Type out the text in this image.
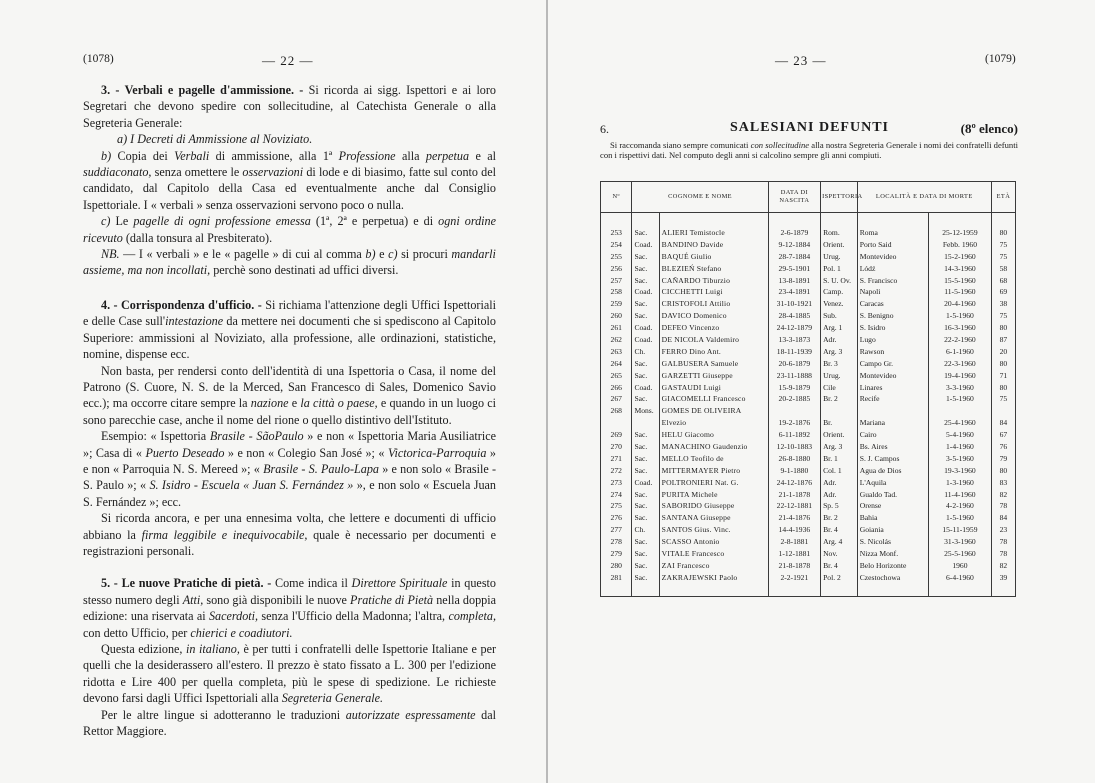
(1078)	— 22 —

3. - Verbali e pagelle d'ammissione. - Si ricorda ai sigg. Ispettori e ai loro Segretari che devono spedire con sollecitudine, al Catechista Generale o alla Segreteria Generale:

a) I Decreti di Ammissione al Noviziato.

b) Copia dei Verbali di ammissione, alla 1ª Professione alla perpetua e al suddiaconato, senza omettere le osservazioni di lode e di biasimo, fatte sul conto del candidato, dal Capitolo della Casa ed eventualmente anche dal Consiglio Ispettoriale. I « verbali » senza osservazioni servono poco o nulla.

c) Le pagelle di ogni professione emessa (1ª, 2ª e perpetua) e di ogni ordine ricevuto (dalla tonsura al Presbiterato).

NB. — I « verbali » e le « pagelle » di cui al comma b) e c) si procuri mandarli assieme, ma non incollati, perchè sono destinati ad uffici diversi.

4. - Corrispondenza d'ufficio. - Si richiama l'attenzione degli Uffici Ispettoriali e delle Case sull'intestazione da mettere nei documenti che si spediscono al Capitolo Superiore: ammissioni al Noviziato, alla professione, alle ordinazioni, statistiche, nomine, dispense ecc.

Non basta, per rendersi conto dell'identità di una Ispettoria o Casa, il nome del Patrono (S. Cuore, N. S. de la Merced, San Francesco di Sales, Domenico Savio ecc.); ma occorre citare sempre la nazione e la città o paese, e quando in un luogo ci sono parecchie case, anche il nome del rione o quello distintivo dell'Istituto.

Esempio: « Ispettoria Brasile - SãoPaulo » e non « Ispettoria Maria Ausiliatrice »; Casa di « Puerto Deseado » e non « Colegio San José »; « Victorica-Parroquia » e non « Parroquia N. S. Mereed »; « Brasile - S. Paulo-Lapa » e non solo « Brasile - S. Paulo »; « S. Isidro - Escuela « Juan S. Fernández » », e non solo « Escuela Juan S. Fernández »; ecc.

Si ricorda ancora, e per una ennesima volta, che lettere e documenti di ufficio abbiano la firma leggibile e inequivocabile, quale è necessario per documenti e registrazioni personali.

5. - Le nuove Pratiche di pietà. - Come indica il Direttore Spirituale in questo stesso numero degli Atti, sono già disponibili le nuove Pratiche di Pietà nella doppia edizione: una riservata ai Sacerdoti, senza l'Ufficio della Madonna; l'altra, completa, con detto Ufficio, per chierici e coadiutori.

Questa edizione, in italiano, è per tutti i confratelli delle Ispettorie Italiane e per quelli che la desiderassero all'estero. Il prezzo è stato fissato a L. 300 per l'edizione ridotta e Lire 400 per quella completa, più le spese di spedizione. Le richieste devono farsi dagli Uffici Ispettoriali alla Segreteria Generale.

Per le altre lingue si adotteranno le traduzioni autorizzate espressamente dal Rettor Maggiore.

— 23 —	(1079)
6.	SALESIANI DEFUNTI	(8º elenco)
Si raccomanda siano sempre comunicati con sollecitudine alla nostra Segreteria Generale i nomi dei confratelli defunti con i rispettivi dati. Nel computo degli anni si calcolino sempre gli anni compiuti.
Nº	COGNOME E NOME		DATA DI NASCITA	ISPETTORIA	LOCALITÀ E DATA DI MORTE		ETÀ
253	Sac.	ALIERI Temistocle	2-6-1879	Rom.	Roma	25-12-1959	80
254	Coad.	BANDINO Davide	9-12-1884	Orient.	Porto Said	Febb. 1960	75
255	Sac.	BAQUÉ Giulio	28-7-1884	Urug.	Montevideo	15-2-1960	75
256	Sac.	BLEZIEŃ Stefano	29-5-1901	Pol. 1	Lódź	14-3-1960	58
257	Sac.	CAÑARDO Tiburzio	13-8-1891	S. U. Ov.	S. Francisco	15-5-1960	68
258	Coad.	CICCHETTI Luigi	23-4-1891	Camp.	Napoli	11-5-1960	69
259	Sac.	CRISTOFOLI Attilio	31-10-1921	Venez.	Caracas	20-4-1960	38
260	Sac.	DAVICO Domenico	28-4-1885	Sub.	S. Benigno	1-5-1960	75
261	Coad.	DEFEO Vincenzo	24-12-1879	Arg. 1	S. Isidro	16-3-1960	80
262	Coad.	DE NICOLA Valdemiro	13-3-1873	Adr.	Lugo	22-2-1960	87
263	Ch.	FERRO Dino Ant.	18-11-1939	Arg. 3	Rawson	6-1-1960	20
264	Sac.	GALBUSERA Samuele	20-6-1879	Br. 3	Campo Gr.	22-3-1960	80
265	Sac.	GARZETTI Giuseppe	23-11-1888	Urug.	Montevideo	19-4-1960	71
266	Coad.	GASTAUDI Luigi	15-9-1879	Cile	Linares	3-3-1960	80
267	Sac.	GIACOMELLI Francesco	20-2-1885	Br. 2	Recife	1-5-1960	75
268	Mons.	GOMES DE OLIVEIRA					
		Elvezio	19-2-1876	Br.	Mariana	25-4-1960	84
269	Sac.	HELU Giacomo	6-11-1892	Orient.	Cairo	5-4-1960	67
270	Sac.	MANACHINO Gaudenzio	12-10-1883	Arg. 3	Bs. Aires	1-4-1960	76
271	Sac.	MELLO Teofilo de	26-8-1880	Br. 1	S. J. Campos	3-5-1960	79
272	Sac.	MITTERMAYER Pietro	9-1-1880	Col. 1	Agua de Dios	19-3-1960	80
273	Coad.	POLTRONIERI Nat. G.	24-12-1876	Adr.	L'Aquila	1-3-1960	83
274	Sac.	PURITA Michele	21-1-1878	Adr.	Gualdo Tad.	11-4-1960	82
275	Sac.	SABORIDO Giuseppe	22-12-1881	Sp. 5	Orense	4-2-1960	78
276	Sac.	SANTANA Giuseppe	21-4-1876	Br. 2	Bahia	1-5-1960	84
277	Ch.	SANTOS Gius. Vinc.	14-4-1936	Br. 4	Goiania	15-11-1959	23
278	Sac.	SCASSO Antonio	2-8-1881	Arg. 4	S. Nicolás	31-3-1960	78
279	Sac.	VITALE Francesco	1-12-1881	Nov.	Nizza Monf.	25-5-1960	78
280	Sac.	ZAI Francesco	21-8-1878	Br. 4	Belo Horizonte	1960	82
281	Sac.	ZAKRAJEWSKI Paolo	2-2-1921	Pol. 2	Czestochowa	6-4-1960	39
